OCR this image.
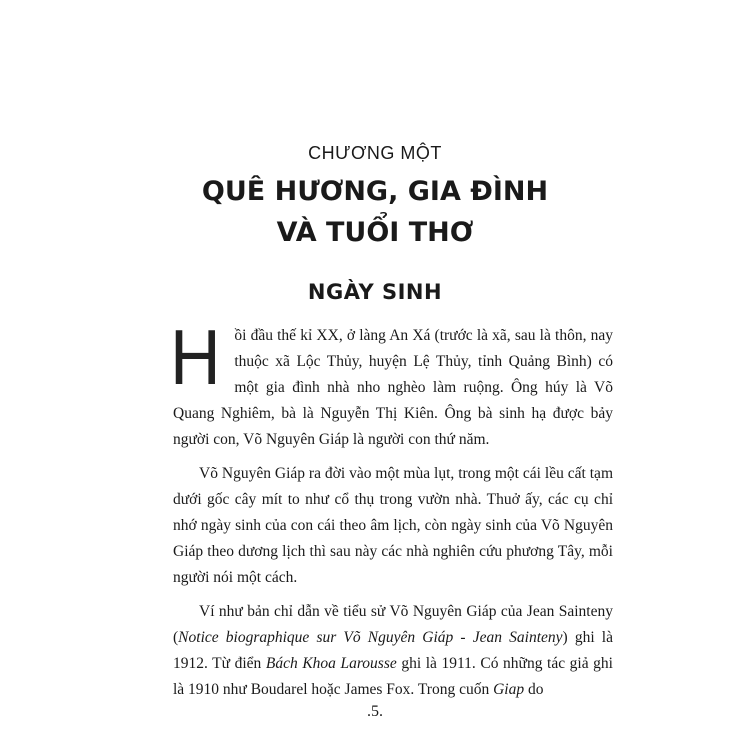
CHƯƠNG MỘT
QUÊ HƯƠNG, GIA ĐÌNH
VÀ TUỔI THƠ
NGÀY SINH

Hồi đầu thế kỉ XX, ở làng An Xá (trước là xã, sau là thôn, nay thuộc xã Lộc Thủy, huyện Lệ Thủy, tỉnh Quảng Bình) có một gia đình nhà nho nghèo làm ruộng. Ông húy là Võ Quang Nghiêm, bà là Nguyễn Thị Kiên. Ông bà sinh hạ được bảy người con, Võ Nguyên Giáp là người con thứ năm.

Võ Nguyên Giáp ra đời vào một mùa lụt, trong một cái lều cất tạm dưới gốc cây mít to như cổ thụ trong vườn nhà. Thuở ấy, các cụ chỉ nhớ ngày sinh của con cái theo âm lịch, còn ngày sinh của Võ Nguyên Giáp theo dương lịch thì sau này các nhà nghiên cứu phương Tây, mỗi người nói một cách.

Ví như bản chỉ dẫn về tiểu sử Võ Nguyên Giáp của Jean Sainteny (Notice biographique sur Võ Nguyên Giáp - Jean Sainteny) ghi là 1912. Từ điển Bách Khoa Larousse ghi là 1911. Có những tác giả ghi là 1910 như Boudarel hoặc James Fox. Trong cuốn Giap do

.5.
